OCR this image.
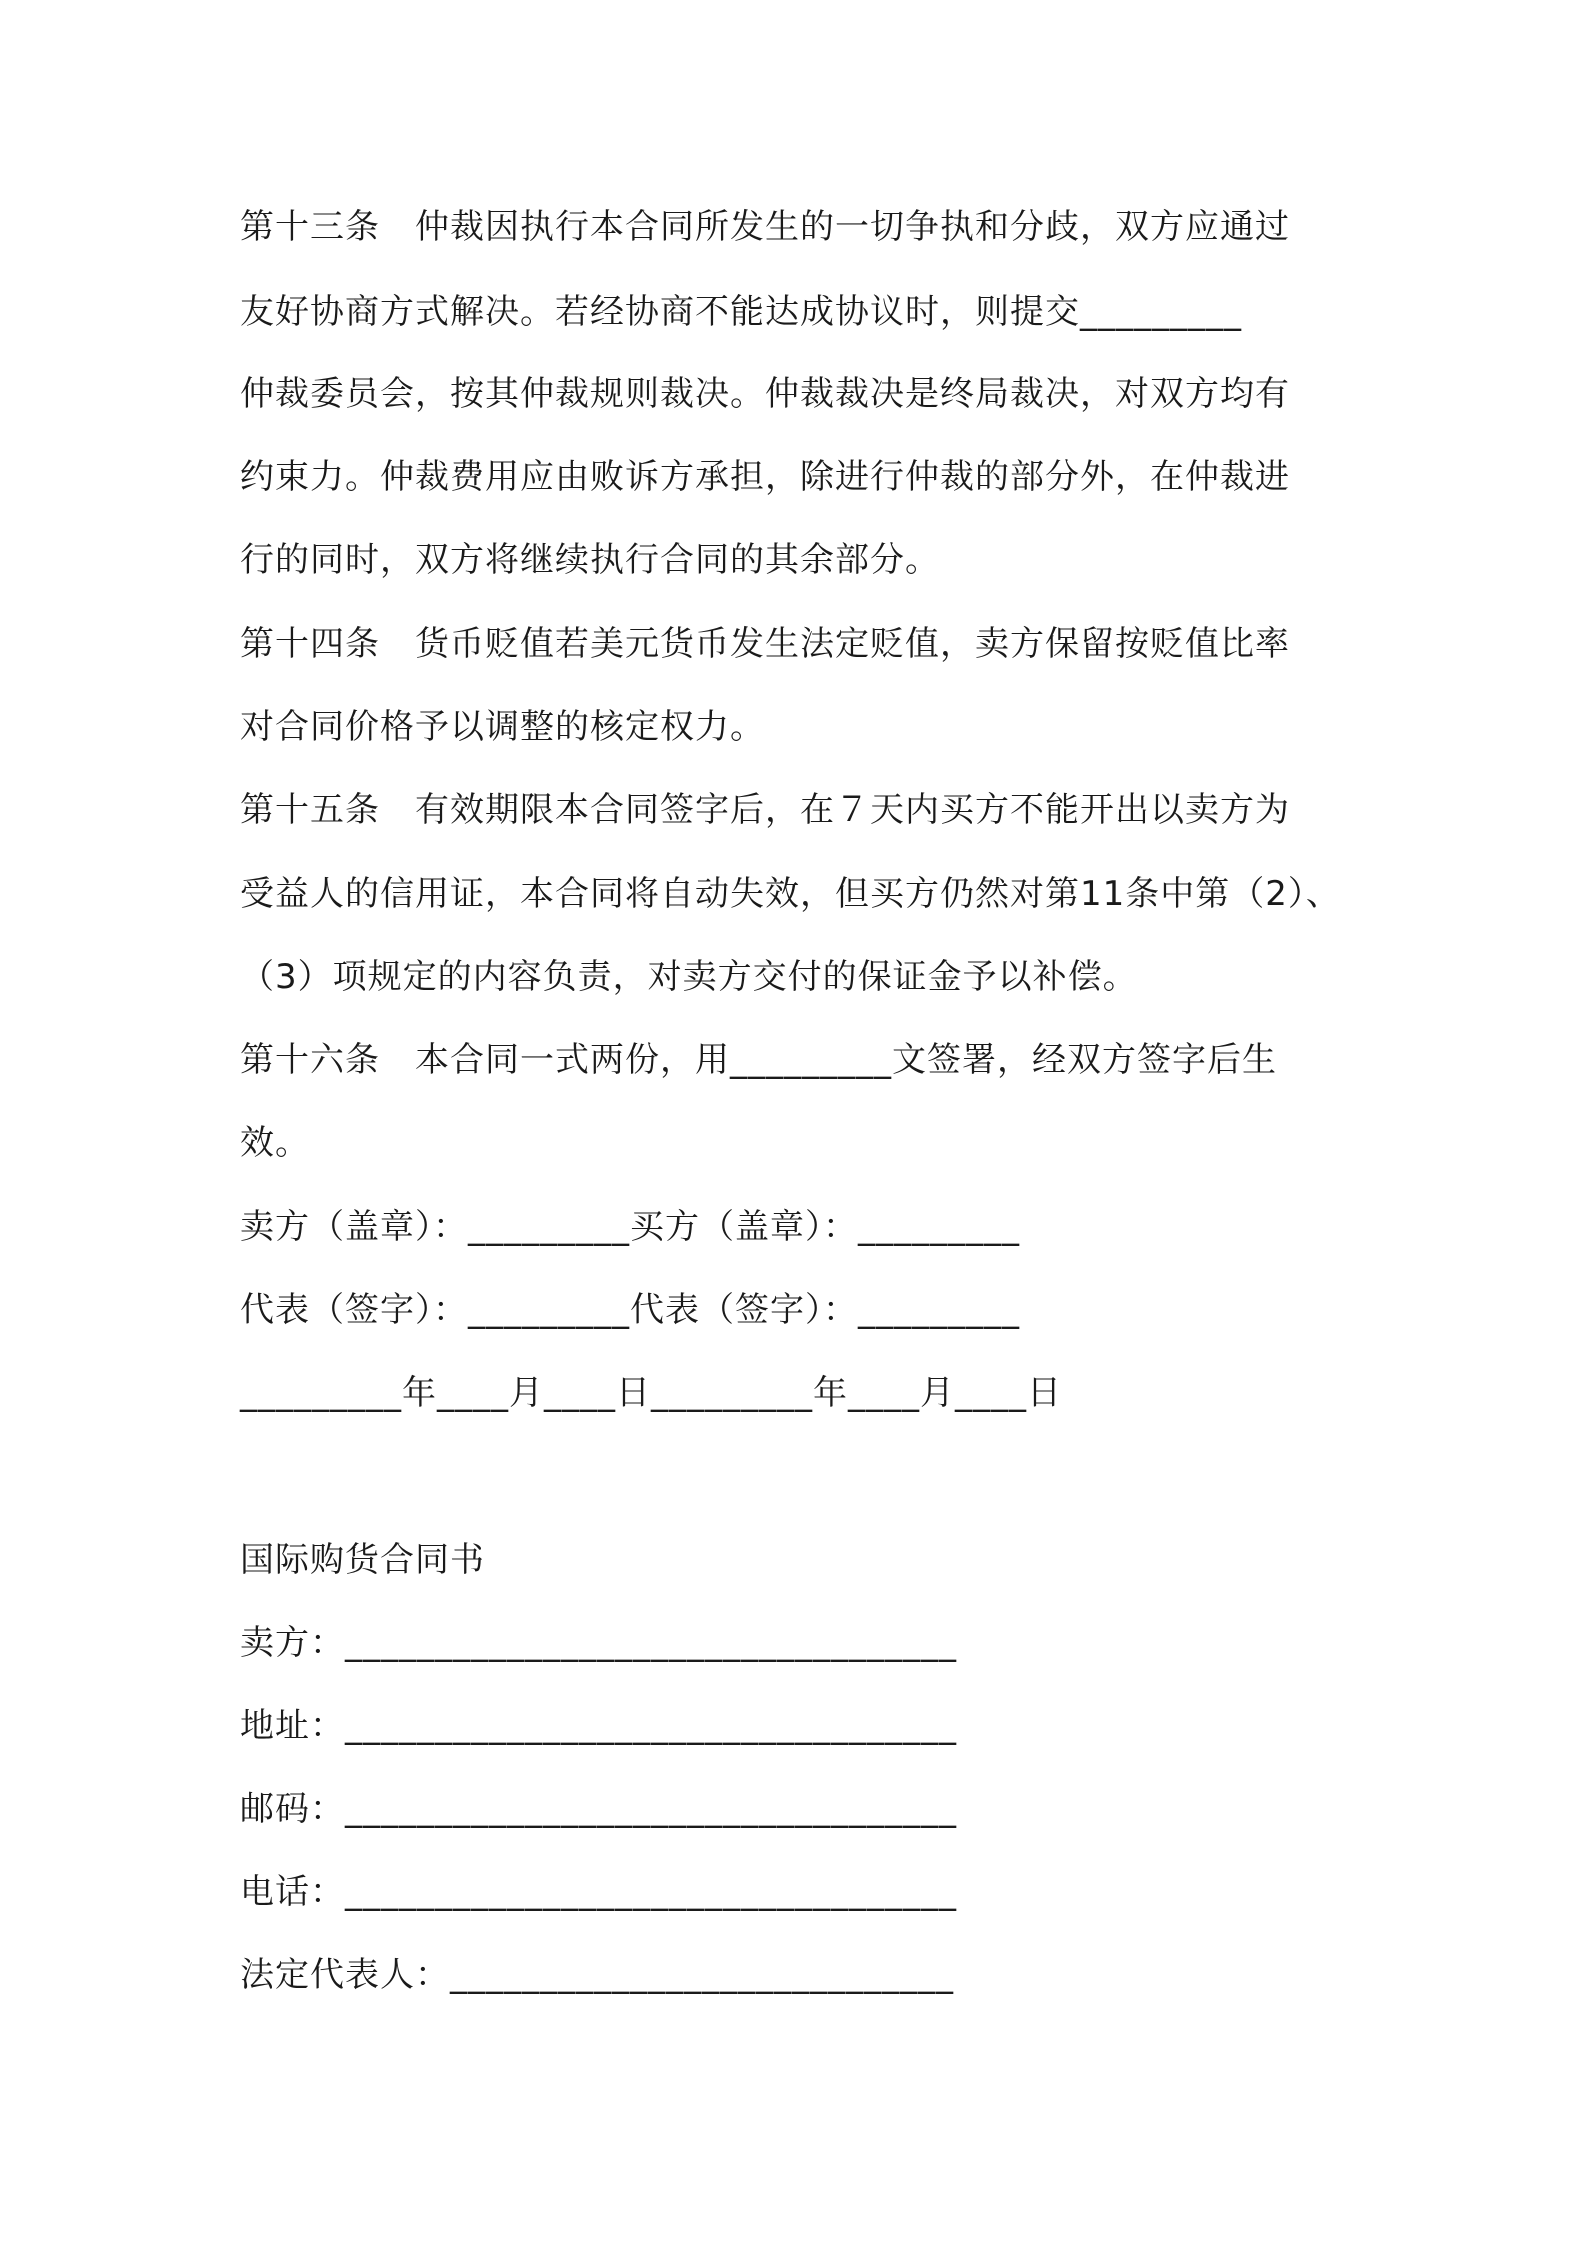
第十三条　仲裁因执行本合同所发生的一切争执和分歧，双方应通过
友好协商方式解决。若经协商不能达成协议时，则提交_________
仲裁委员会，按其仲裁规则裁决。仲裁裁决是终局裁决，对双方均有
约束力。仲裁费用应由败诉方承担，除进行仲裁的部分外，在仲裁进
行的同时，双方将继续执行合同的其余部分。
第十四条　货币贬值若美元货币发生法定贬值，卖方保留按贬值比率
对合同价格予以调整的核定权力。
第十五条　有效期限本合同签字后，在７天内买方不能开出以卖方为
受益人的信用证，本合同将自动失效，但买方仍然对第11条中第（2）、
（3）项规定的内容负责，对卖方交付的保证金予以补偿。
第十六条　本合同一式两份，用_________文签署，经双方签字后生
效。
卖方（盖章）：_________买方（盖章）：_________
代表（签字）：_________代表（签字）：_________
_________年____月____日_________年____月____日
国际购货合同书
卖方：__________________________________
地址：__________________________________
邮码：__________________________________
电话：__________________________________
法定代表人：____________________________
